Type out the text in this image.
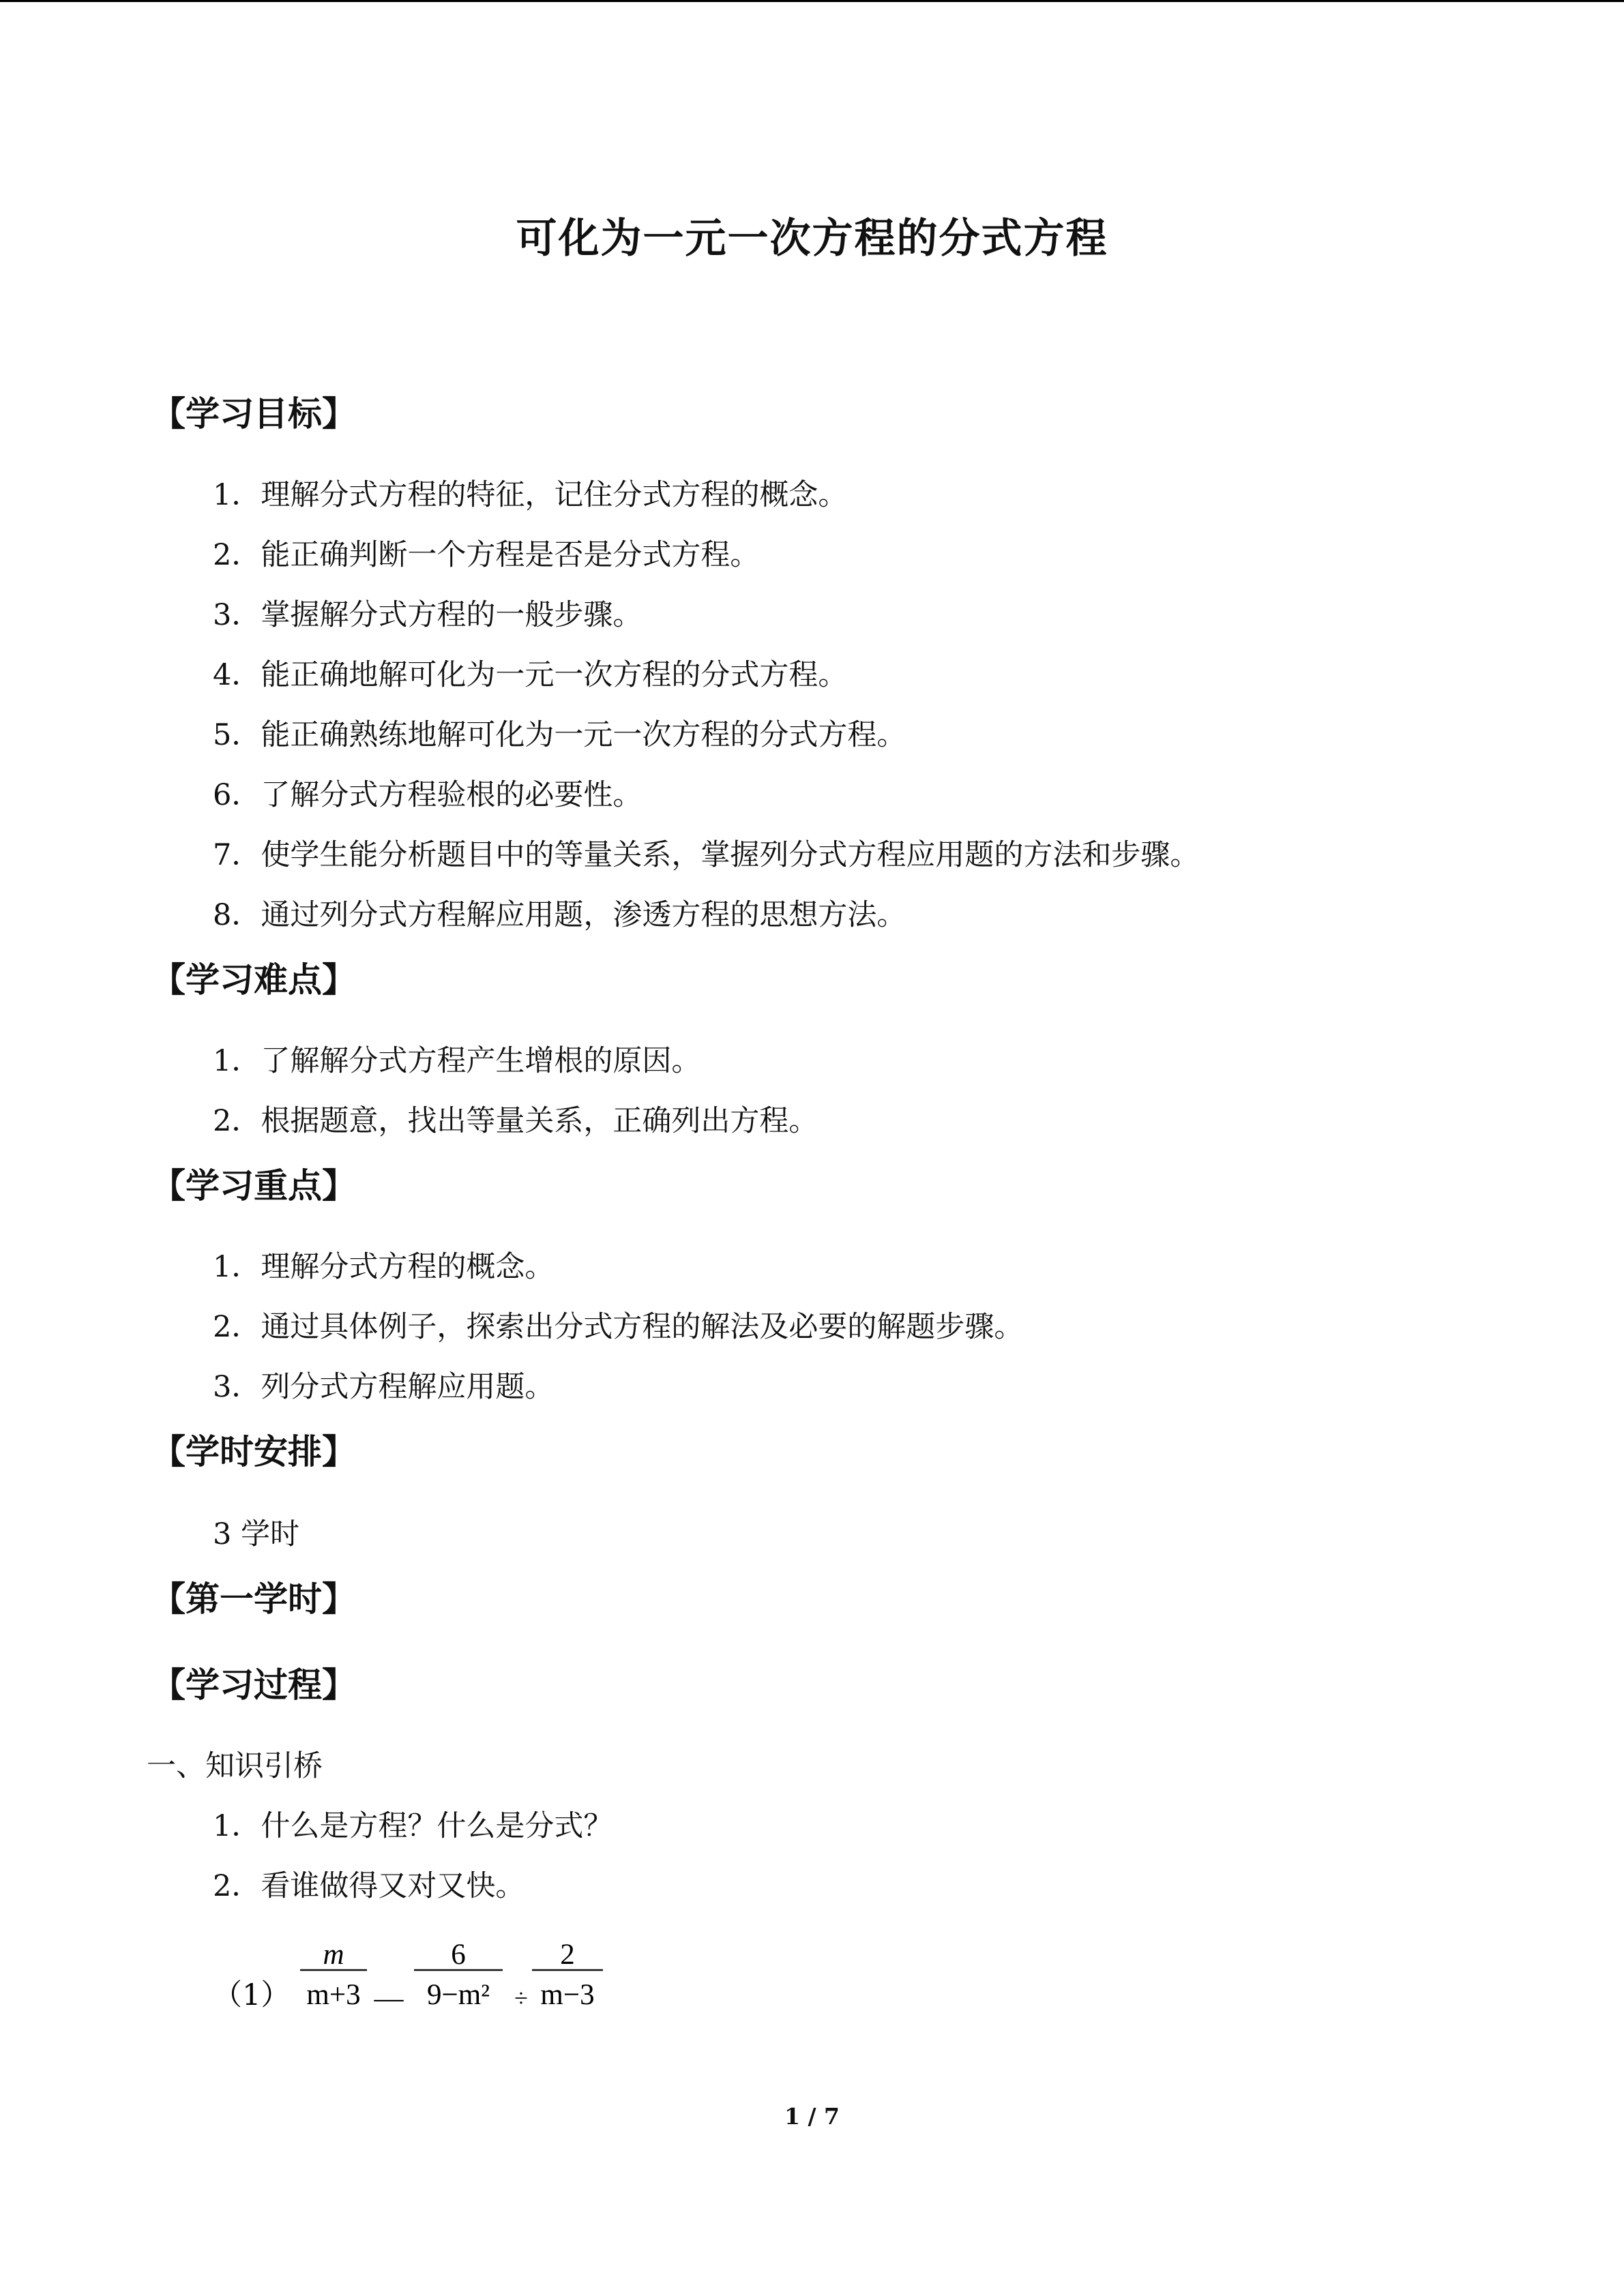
可化为一元一次方程的分式方程
【学习目标】
1．理解分式方程的特征，记住分式方程的概念。
2．能正确判断一个方程是否是分式方程。
3．掌握解分式方程的一般步骤。
4．能正确地解可化为一元一次方程的分式方程。
5．能正确熟练地解可化为一元一次方程的分式方程。
6．了解分式方程验根的必要性。
7．使学生能分析题目中的等量关系，掌握列分式方程应用题的方法和步骤。
8．通过列分式方程解应用题，渗透方程的思想方法。
【学习难点】
1．了解解分式方程产生增根的原因。
2．根据题意，找出等量关系，正确列出方程。
【学习重点】
1．理解分式方程的概念。
2．通过具体例子，探索出分式方程的解法及必要的解题步骤。
3．列分式方程解应用题。
【学时安排】
3 学时
【第一学时】
【学习过程】
一、知识引桥
1．什么是方程？什么是分式？
2．看谁做得又对又快。
（1）
m
m+3 —
6
9−m² ÷
2
m−3
1 / 7
